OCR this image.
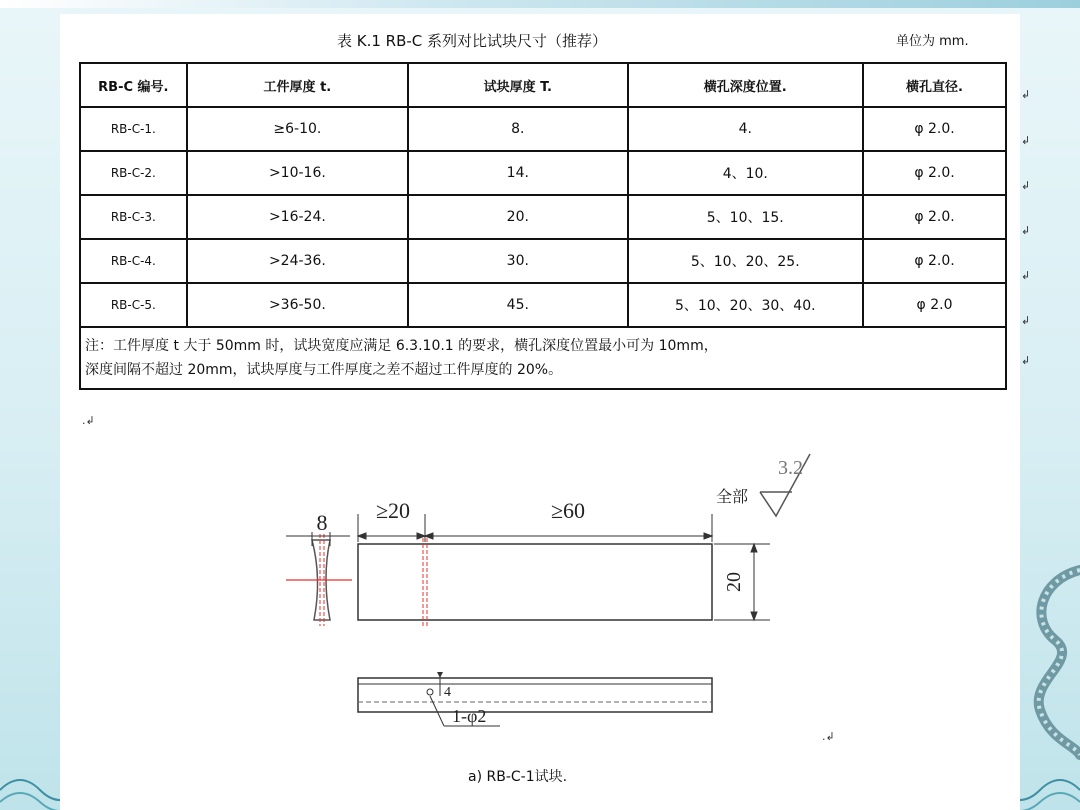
表 K.1 RB-C 系列对比试块尺寸（推荐）	单位为 mm.
RB-C 编号.	工件厚度 t.	试块厚度 T.	横孔深度位置.	横孔直径.
RB-C-1.	≥6-10.	8.	4.	φ 2.0.
RB-C-2.	>10-16.	14.	4、10.	φ 2.0.
RB-C-3.	>16-24.	20.	5、10、15.	φ 2.0.
RB-C-4.	>24-36.	30.	5、10、20、25.	φ 2.0.
RB-C-5.	>36-50.	45.	5、10、20、30、40.	φ 2.0

注：工件厚度 t 大于 50mm 时，试块宽度应满足 6.3.10.1 的要求，横孔深度位置最小可为 10mm，
深度间隔不超过 20mm，试块厚度与工件厚度之差不超过工件厚度的 20%。				
↲
↲
↲
↲
↲
↲
↲
.↲
.↲
8 ≥20	≥60
20
3.2
全部
4
1-φ2
a) RB-C-1试块.
